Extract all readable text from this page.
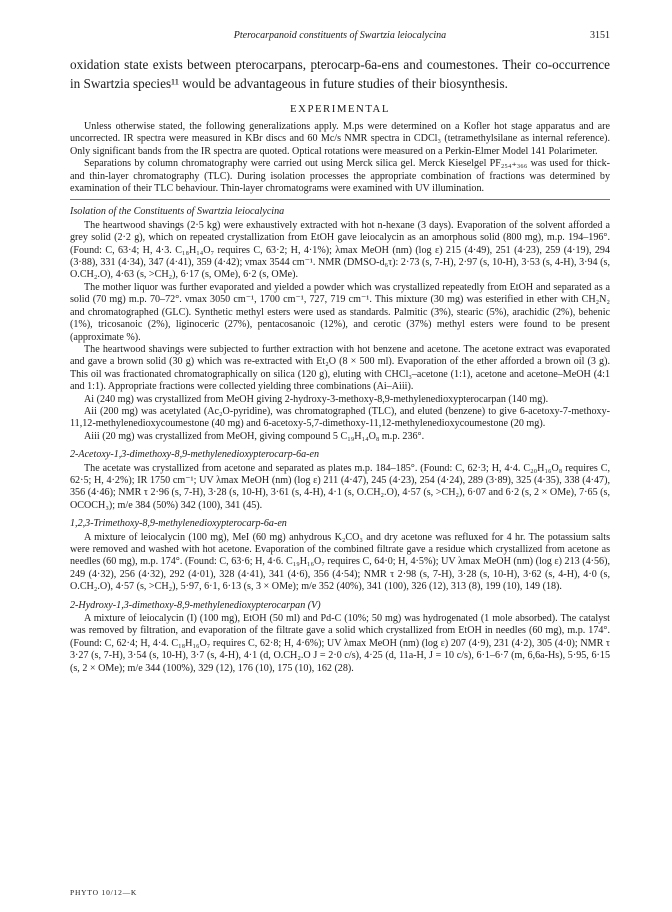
Pterocarpanoid constituents of Swartzia leiocalycina	3151

oxidation state exists between pterocarpans, pterocarp-6a-ens and coumestones. Their co-occurrence in Swartzia species¹¹ would be advantageous in future studies of their biosynthesis.

EXPERIMENTAL

Unless otherwise stated, the following generalizations apply. M.ps were determined on a Kofler hot stage apparatus and are uncorrected. IR spectra were measured in KBr discs and 60 Mc/s NMR spectra in CDCl₃ (tetramethylsilane as internal reference). Only significant bands from the IR spectra are quoted. Optical rotations were measured on a Perkin-Elmer Model 141 Polarimeter.

Separations by column chromatography were carried out using Merck silica gel. Merck Kieselgel PF₂₅₄₊₃₆₆ was used for thick- and thin-layer chromatography (TLC). During isolation processes the appropriate combination of fractions was determined by examination of their TLC behaviour. Thin-layer chromatograms were examined with UV illumination.

Isolation of the Constituents of Swartzia leiocalycina

The heartwood shavings (2·5 kg) were exhaustively extracted with hot n-hexane (3 days). Evaporation of the solvent afforded a grey solid (2·2 g), which on repeated crystallization from EtOH gave leiocalycin as an amorphous solid (800 mg), m.p. 194–196°. (Found: C, 63·4; H, 4·3. C₁₈H₁₄O₇ requires C, 63·2; H, 4·1%); λmax MeOH (nm) (log ε) 215 (4·49), 251 (4·23), 259 (4·19), 294 (3·88), 331 (4·34), 347 (4·41), 359 (4·42); νmax 3544 cm⁻¹. NMR (DMSO-d₆τ): 2·73 (s, 7-H), 2·97 (s, 10-H), 3·53 (s, 4-H), 3·94 (s, O.CH₂.O), 4·63 (s, >CH₂), 6·17 (s, OMe), 6·2 (s, OMe).

The mother liquor was further evaporated and yielded a powder which was crystallized repeatedly from EtOH and separated as a solid (70 mg) m.p. 70–72°. νmax 3050 cm⁻¹, 1700 cm⁻¹, 727, 719 cm⁻¹. This mixture (30 mg) was esterified in ether with CH₂N₂ and chromatographed (GLC). Synthetic methyl esters were used as standards. Palmitic (3%), stearic (5%), arachidic (2%), behenic (1%), tricosanoic (2%), liginoceric (27%), pentacosanoic (12%), and cerotic (37%) methyl esters were found to be present (approximate %).

The heartwood shavings were subjected to further extraction with hot benzene and acetone. The acetone extract was evaporated and gave a brown solid (30 g) which was re-extracted with Et₂O (8 × 500 ml). Evaporation of the ether afforded a brown oil (3 g). This oil was fractionated chromatographically on silica (120 g), eluting with CHCl₃–acetone (1:1), acetone and acetone–MeOH (4:1 and 1:1). Appropriate fractions were collected yielding three combinations (Ai–Aiii).

Ai (240 mg) was crystallized from MeOH giving 2-hydroxy-3-methoxy-8,9-methylenedioxypterocarpan (140 mg).

Aii (200 mg) was acetylated (Ac₂O-pyridine), was chromatographed (TLC), and eluted (benzene) to give 6-acetoxy-7-methoxy-11,12-methylenedioxycoumestone (40 mg) and 6-acetoxy-5,7-dimethoxy-11,12-methylenedioxycoumestone (20 mg).

Aiii (20 mg) was crystallized from MeOH, giving compound 5 C₁₉H₁₄O₈ m.p. 236°.

2-Acetoxy-1,3-dimethoxy-8,9-methylenedioxypterocarp-6a-en

The acetate was crystallized from acetone and separated as plates m.p. 184–185°. (Found: C, 62·3; H, 4·4. C₂₀H₁₆O₈ requires C, 62·5; H, 4·2%); IR 1750 cm⁻¹; UV λmax MeOH (nm) (log ε) 211 (4·47), 245 (4·23), 254 (4·24), 289 (3·89), 325 (4·35), 338 (4·47), 356 (4·46); NMR τ 2·96 (s, 7-H), 3·28 (s, 10-H), 3·61 (s, 4-H), 4·1 (s, O.CH₂.O), 4·57 (s, >CH₂), 6·07 and 6·2 (s, 2 × OMe), 7·65 (s, OCOCH₃); m/e 384 (50%) 342 (100), 341 (45).

1,2,3-Trimethoxy-8,9-methylenedioxypterocarp-6a-en

A mixture of leiocalycin (100 mg), MeI (60 mg) anhydrous K₂CO₃ and dry acetone was refluxed for 4 hr. The potassium salts were removed and washed with hot acetone. Evaporation of the combined filtrate gave a residue which crystallized from acetone as needles (60 mg), m.p. 174°. (Found: C, 63·6; H, 4·6. C₁₉H₁₆O₇ requires C, 64·0; H, 4·5%); UV λmax MeOH (nm) (log ε) 213 (4·56), 249 (4·32), 256 (4·32), 292 (4·01), 328 (4·41), 341 (4·6), 356 (4·54); NMR τ 2·98 (s, 7-H), 3·28 (s, 10-H), 3·62 (s, 4-H), 4·0 (s, O.CH₂.O), 4·57 (s, >CH₂), 5·97, 6·1, 6·13 (s, 3 × OMe); m/e 352 (40%), 341 (100), 326 (12), 313 (8), 199 (10), 149 (18).

2-Hydroxy-1,3-dimethoxy-8,9-methylenedioxypterocarpan (V)

A mixture of leiocalycin (I) (100 mg), EtOH (50 ml) and Pd-C (10%; 50 mg) was hydrogenated (1 mole absorbed). The catalyst was removed by filtration, and evaporation of the filtrate gave a solid which crystallized from EtOH in needles (60 mg), m.p. 174°. (Found: C, 62·4; H, 4·4. C₁₈H₁₆O₇ requires C, 62·8; H, 4·6%); UV λmax MeOH (nm) (log ε) 207 (4·9), 231 (4·2), 305 (4·0); NMR τ 3·27 (s, 7-H), 3·54 (s, 10-H), 3·7 (s, 4-H), 4·1 (d, O.CH₂.O J = 2·0 c/s), 4·25 (d, 11a-H, J = 10 c/s), 6·1–6·7 (m, 6,6a-Hs), 5·95, 6·15 (s, 2 × OMe); m/e 344 (100%), 329 (12), 176 (10), 175 (10), 162 (28).

PHYTO 10/12—K
